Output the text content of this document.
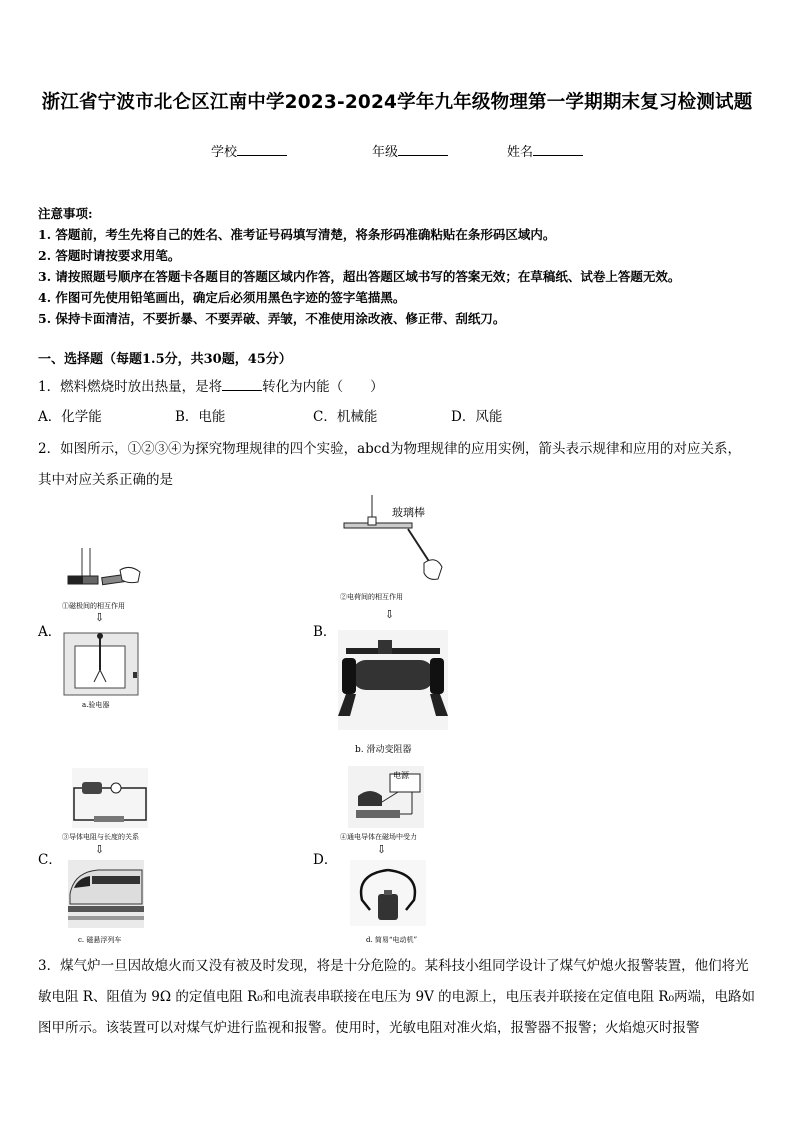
浙江省宁波市北仑区江南中学2023-2024学年九年级物理第一学期期末复习检测试题
学校	年级	姓名
注意事项:
1. 答题前，考生先将自己的姓名、准考证号码填写清楚，将条形码准确粘贴在条形码区域内。
2. 答题时请按要求用笔。
3. 请按照题号顺序在答题卡各题目的答题区域内作答，超出答题区域书写的答案无效；在草稿纸、试卷上答题无效。
4. 作图可先使用铅笔画出，确定后必须用黑色字迹的签字笔描黑。
5. 保持卡面清洁，不要折暴、不要弄破、弄皱，不准使用涂改液、修正带、刮纸刀。
一、选择题（每题1.5分，共30题，45分）
1．燃料燃烧时放出热量，是将	转化为内能（　　）
A．化学能	B．电能	C．机械能	D．风能
2．如图所示，①②③④为探究物理规律的四个实验，abcd为物理规律的应用实例，箭头表示规律和应用的对应关系，
其中对应关系正确的是
A．
①磁极间的相互作用
⇩
a.验电器
B．
玻璃棒
②电荷间的相互作用
⇩
b. 滑动变阻器
C．
③导体电阻与长度的关系
⇩
c. 磁悬浮列车
D．
电源
④通电导体在磁场中受力
⇩
d. 简易“电动机”
3．煤气炉一旦因故熄火而又没有被及时发现，将是十分危险的。某科技小组同学设计了煤气炉熄火报警装置，他们将光敏电阻 R、阻值为 9Ω 的定值电阻 R₀和电流表串联接在电压为 9V 的电源上，电压表并联接在定值电阻 R₀两端，电路如图甲所示。该装置可以对煤气炉进行监视和报警。使用时，光敏电阻对准火焰，报警器不报警；火焰熄灭时报警
